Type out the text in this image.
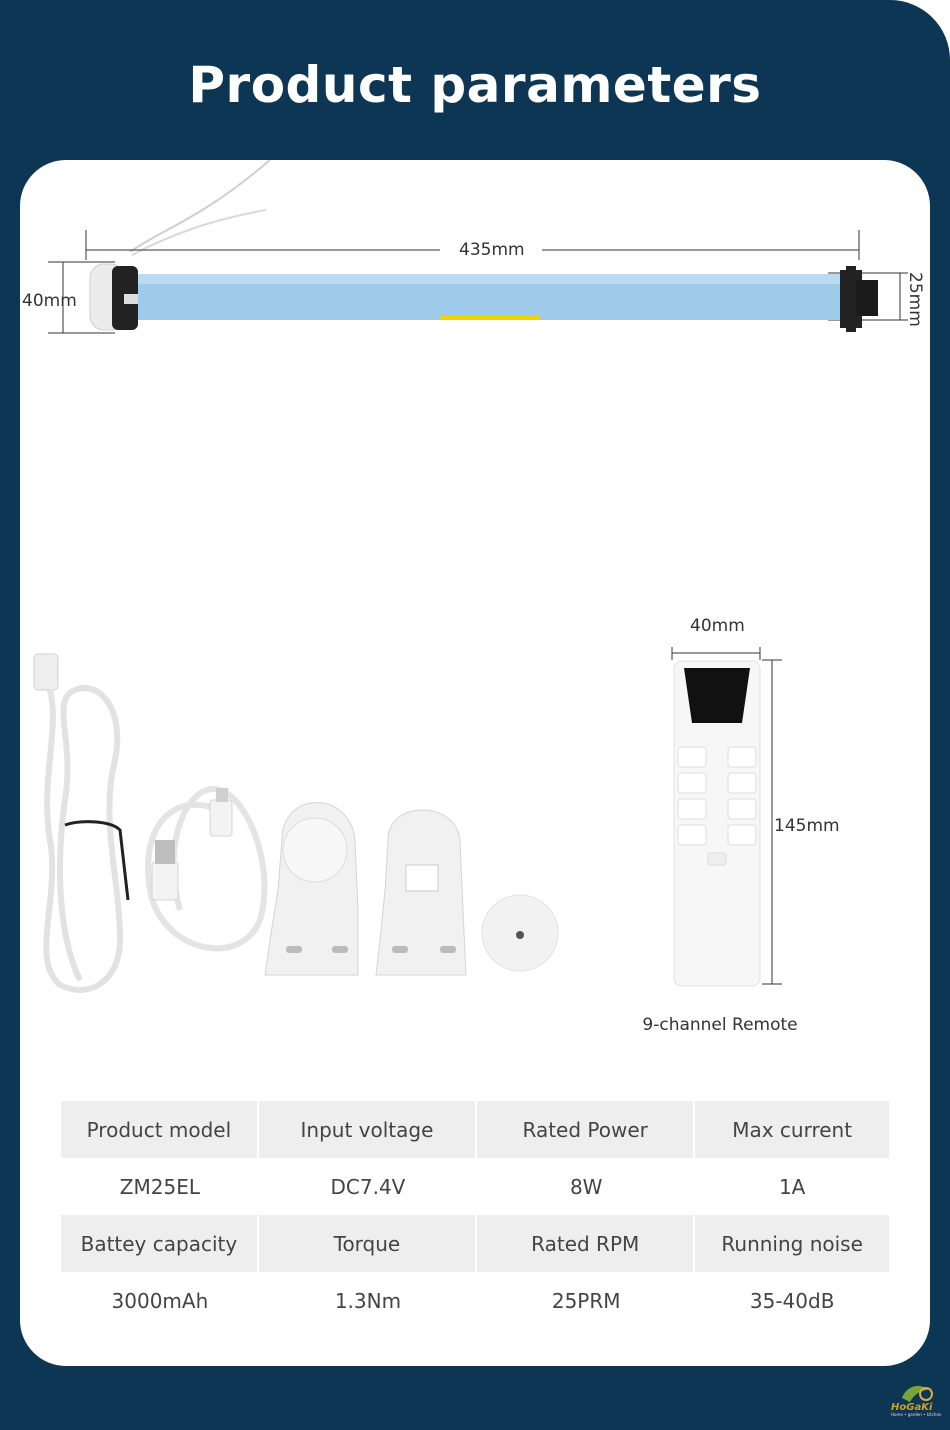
Product parameters
435mm
40mm	25mm
40mm
145mm
9-channel Remote
Product model	Input voltage	Rated Power	Max current
ZM25EL	DC7.4V	8W	1A
Battey capacity	Torque	Rated RPM	Running noise
3000mAh	1.3Nm	25PRM	35-40dB
HoGaKi
Home • garden • kitchen
